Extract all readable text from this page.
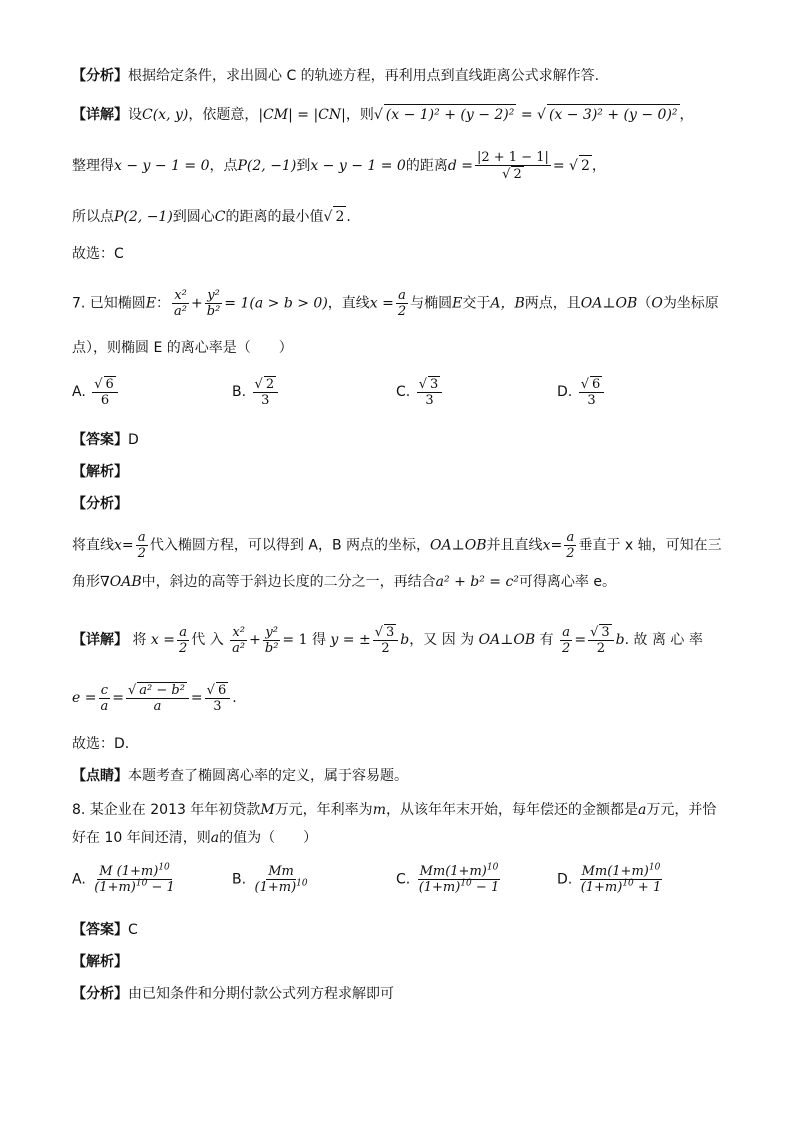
【分析】根据给定条件，求出圆心 C 的轨迹方程，再利用点到直线距离公式求解作答.
【详解】设C(x, y)，依题意，|CM| = |CN|，则√ (x − 1)² + (y − 2)² = √ (x − 3)² + (y − 0)² ，
整理得x − y − 1 = 0，点P(2, −1)到x − y − 1 = 0的距离$d = \frac{|2 + 1 - 1|}{√ 2}$ = √ 2 ，
所以点P(2, −1)到圆心C的距离的最小值√ 2 .
故选：C
7. 已知椭圆E： $\frac{\text{x²}}{\text{a²}} + \frac{\text{y²}}{\text{b²}} = 1(a > b > 0)$，直线$x = \frac{a}{2}$ 与椭圆E交于A，B两点，且OA⊥OB（O为坐标原
点），则椭圆 E 的离心率是（　　）
A. $\frac{√ 6}{6}$	B. $\frac{√ 2}{3}$	C. $\frac{√ 3}{3}$	D. $\frac{√ 6}{3}$
【答案】D
【解析】
【分析】
将直线$x= \frac{a}{2}$ 代入椭圆方程，可以得到 A，B 两点的坐标，OA⊥OB并且直线$x= \frac{a}{2}$ 垂直于 x 轴，可知在三
角形∇OAB中，斜边的高等于斜边长度的二分之一，再结合a² + b² = c²可得离心率 e。
【详解】 将 $x = \frac{a}{2}$ 代 入 $\frac{\text{x²}}{\text{a²}} + \frac{\text{y²}}{\text{b²}} = 1$ 得 y = ± $\frac{√ 3}{2}$ b，又 因 为 OA⊥OB 有 $\frac{a}{2} = \frac{√ 3}{2} b$. 故 离 心 率
$e = \frac{c}{a} = \frac{\text{√ a² − b²}}{a} = \frac{√ 6}{3}$ .
故选：D.
【点睛】本题考查了椭圆离心率的定义，属于容易题。
8. 某企业在 2013 年年初贷款M万元，年利率为m，从该年年末开始，每年偿还的金额都是a万元，并恰
好在 10 年间还清，则a的值为（　　）
A. $\frac{M (1+m)^{10}}{(1+m)^{10} - 1}$	B. $\frac{Mm}{(1+m)^{10}}$	C. $\frac{Mm(1+m)^{10}}{(1+m)^{10} - 1}$	D. $\frac{Mm(1+m)^{10}}{(1+m)^{10} + 1}$
【答案】C
【解析】
【分析】由已知条件和分期付款公式列方程求解即可
